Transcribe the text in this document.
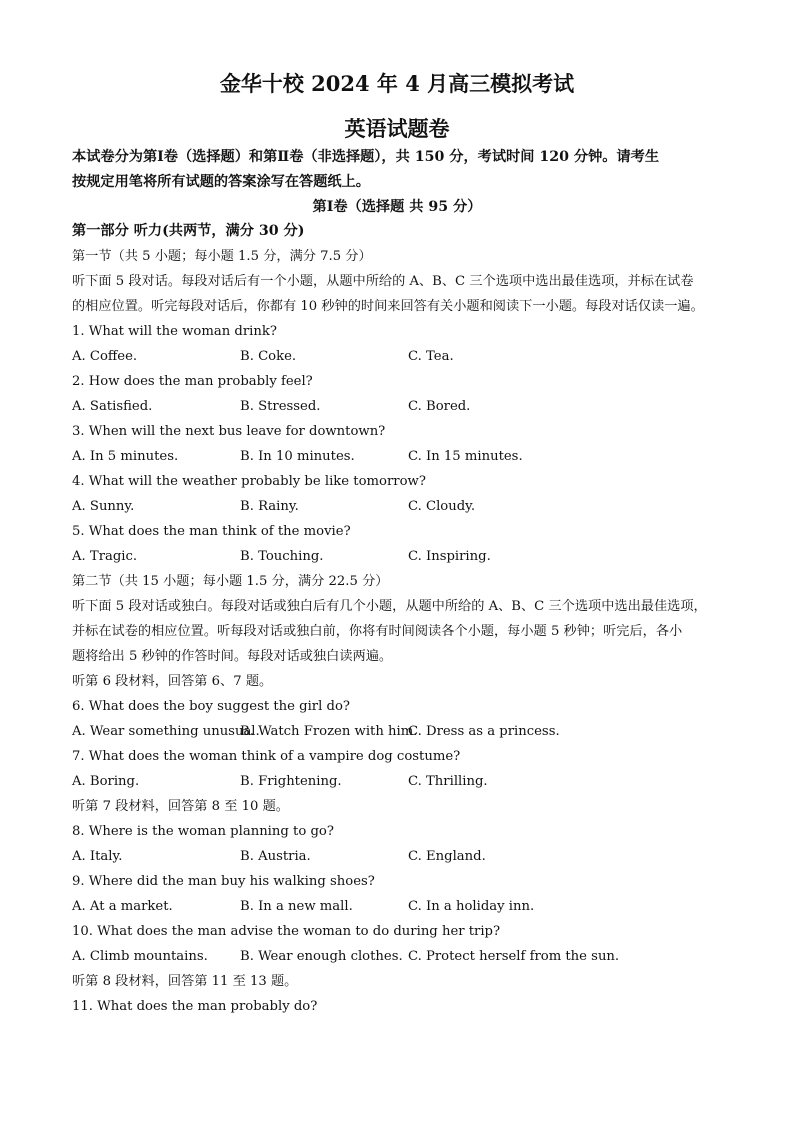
金华十校 2024 年 4 月高三模拟考试
英语试题卷
本试卷分为第Ⅰ卷（选择题）和第Ⅱ卷（非选择题），共 150 分，考试时间 120 分钟。请考生
按规定用笔将所有试题的答案涂写在答题纸上。
第Ⅰ卷（选择题 共 95 分）
第一部分 听力(共两节，满分 30 分)
第一节（共 5 小题；每小题 1.5 分，满分 7.5 分）
听下面 5 段对话。每段对话后有一个小题，从题中所给的 A、B、C 三个选项中选出最佳选项，并标在试卷
的相应位置。听完每段对话后，你都有 10 秒钟的时间来回答有关小题和阅读下一小题。每段对话仅读一遍。
1. What will the woman drink?
A. Coffee.	B. Coke.	C. Tea.
2. How does the man probably feel?
A. Satisfied.	B. Stressed.	C. Bored.
3. When will the next bus leave for downtown?
A. In 5 minutes.	B. In 10 minutes.	C. In 15 minutes.
4. What will the weather probably be like tomorrow?
A. Sunny.	B. Rainy.	C. Cloudy.
5. What does the man think of the movie?
A. Tragic.	B. Touching.	C. Inspiring.
第二节（共 15 小题；每小题 1.5 分，满分 22.5 分）
听下面 5 段对话或独白。每段对话或独白后有几个小题，从题中所给的 A、B、C 三个选项中选出最佳选项，
并标在试卷的相应位置。听每段对话或独白前，你将有时间阅读各个小题，每小题 5 秒钟；听完后，各小
题将给出 5 秒钟的作答时间。每段对话或独白读两遍。
听第 6 段材料，回答第 6、7 题。
6. What does the boy suggest the girl do?
A. Wear something unusual.
B. Watch Frozen with him.
C. Dress as a princess.
7. What does the woman think of a vampire dog costume?
A. Boring.	B. Frightening.	C. Thrilling.
听第 7 段材料，回答第 8 至 10 题。
8. Where is the woman planning to go?
A. Italy.	B. Austria.	C. England.
9. Where did the man buy his walking shoes?
A. At a market.	B. In a new mall.	C. In a holiday inn.
10. What does the man advise the woman to do during her trip?
A. Climb mountains. B. Wear enough clothes. C. Protect herself from the sun.
听第 8 段材料，回答第 11 至 13 题。
11. What does the man probably do?
